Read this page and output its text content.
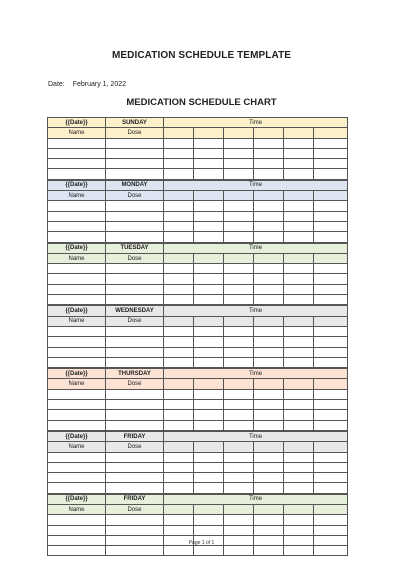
MEDICATION SCHEDULE TEMPLATE
Date: February 1, 2022
MEDICATION SCHEDULE CHART
{{Date}}	SUNDAY	Time					
Name	Dose						

{{Date}}	MONDAY	Time					
Name	Dose						

{{Date}}	TUESDAY	Time					
Name	Dose						

{{Date}}	WEDNESDAY	Time					
Name	Dose						

{{Date}}	THURSDAY	Time					
Name	Dose						

{{Date}}	FRIDAY	Time					
Name	Dose						

{{Date}}	FRIDAY	Time					
Name	Dose						

Page 1 of 1
